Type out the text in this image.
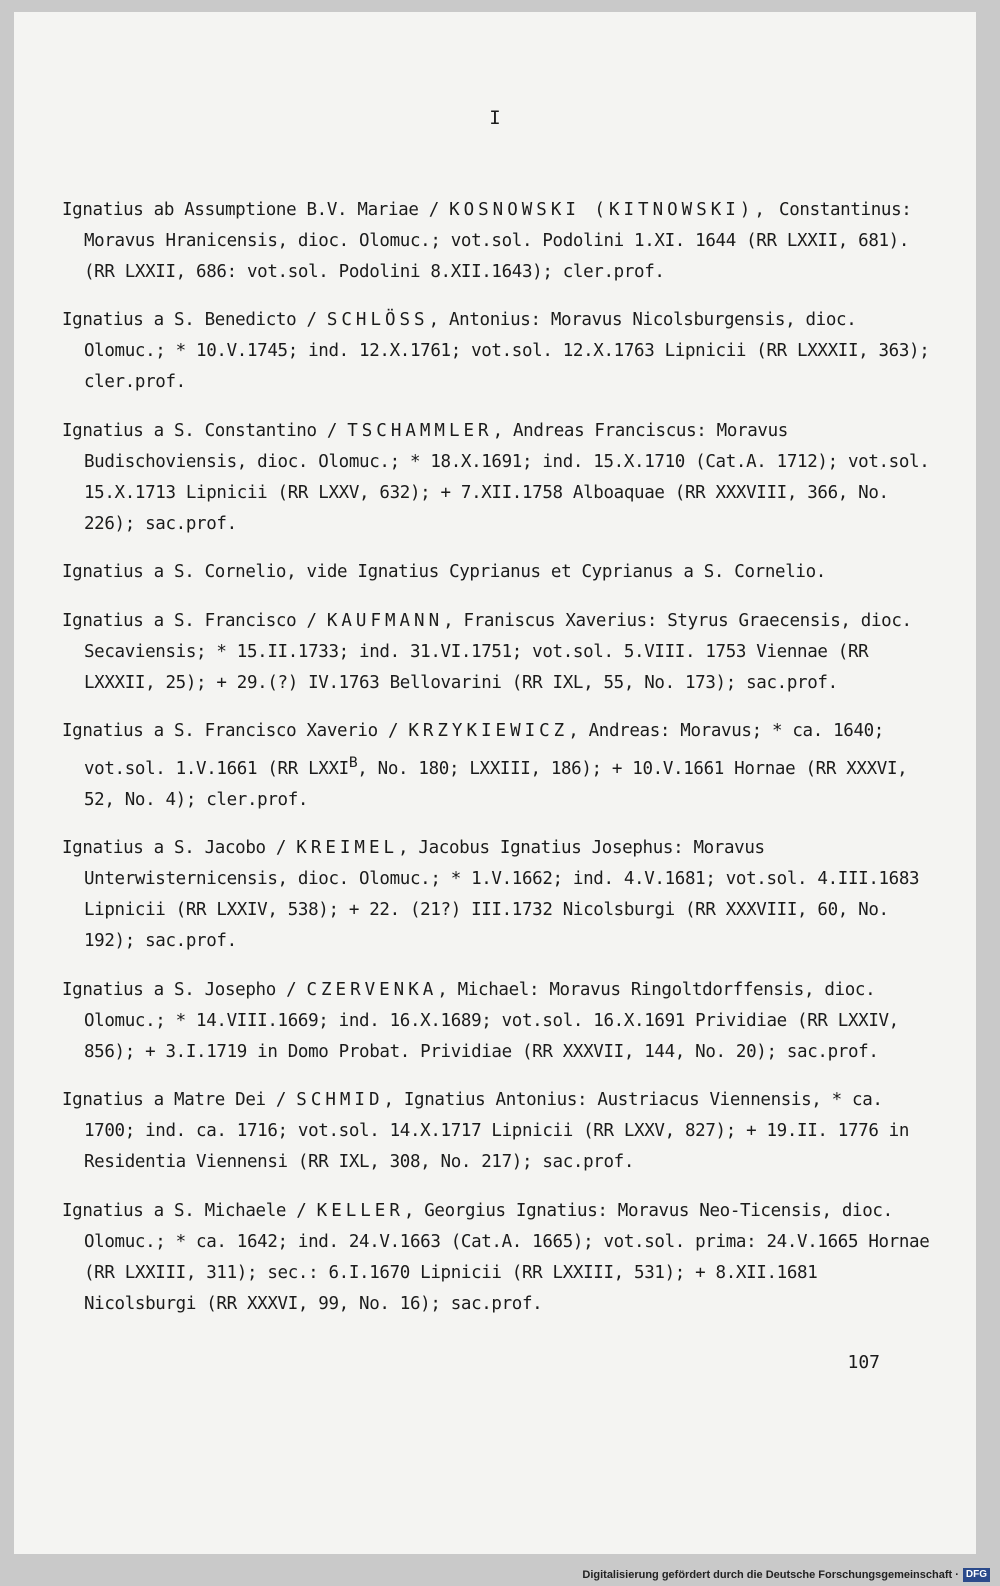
I

Ignatius ab Assumptione B.V. Mariae / KOSNOWSKI (KITNOWSKI), Constantinus: Moravus Hranicensis, dioc. Olomuc.; vot.sol. Podolini 1.XI. 1644 (RR LXXII, 681). (RR LXXII, 686: vot.sol. Podolini 8.XII.1643); cler.prof.

Ignatius a S. Benedicto / SCHLÖSS, Antonius: Moravus Nicolsburgensis, dioc. Olomuc.; * 10.V.1745; ind. 12.X.1761; vot.sol. 12.X.1763 Lipnicii (RR LXXXII, 363); cler.prof.

Ignatius a S. Constantino / TSCHAMMLER, Andreas Franciscus: Moravus Budischoviensis, dioc. Olomuc.; * 18.X.1691; ind. 15.X.1710 (Cat.A. 1712); vot.sol. 15.X.1713 Lipnicii (RR LXXV, 632); + 7.XII.1758 Alboaquae (RR XXXVIII, 366, No. 226); sac.prof.

Ignatius a S. Cornelio, vide Ignatius Cyprianus et Cyprianus a S. Cornelio.

Ignatius a S. Francisco / KAUFMANN, Franiscus Xaverius: Styrus Graecensis, dioc. Secaviensis; * 15.II.1733; ind. 31.VI.1751; vot.sol. 5.VIII. 1753 Viennae (RR LXXXII, 25); + 29.(?) IV.1763 Bellovarini (RR IXL, 55, No. 173); sac.prof.

Ignatius a S. Francisco Xaverio / KRZYKIEWICZ, Andreas: Moravus; * ca. 1640; vot.sol. 1.V.1661 (RR $LXXI^B$, No. 180; LXXIII, 186); + 10.V.1661 Hornae (RR XXXVI, 52, No. 4); cler.prof.

Ignatius a S. Jacobo / KREIMEL, Jacobus Ignatius Josephus: Moravus Unterwisternicensis, dioc. Olomuc.; * 1.V.1662; ind. 4.V.1681; vot.sol. 4.III.1683 Lipnicii (RR LXXIV, 538); + 22. (21?) III.1732 Nicolsburgi (RR XXXVIII, 60, No. 192); sac.prof.

Ignatius a S. Josepho / CZERVENKA, Michael: Moravus Ringoltdorffensis, dioc. Olomuc.; * 14.VIII.1669; ind. 16.X.1689; vot.sol. 16.X.1691 Prividiae (RR LXXIV, 856); + 3.I.1719 in Domo Probat. Prividiae (RR XXXVII, 144, No. 20); sac.prof.

Ignatius a Matre Dei / SCHMID, Ignatius Antonius: Austriacus Viennensis, * ca. 1700; ind. ca. 1716; vot.sol. 14.X.1717 Lipnicii (RR LXXV, 827); + 19.II. 1776 in Residentia Viennensi (RR IXL, 308, No. 217); sac.prof.

Ignatius a S. Michaele / KELLER, Georgius Ignatius: Moravus Neo-Ticensis, dioc. Olomuc.; * ca. 1642; ind. 24.V.1663 (Cat.A. 1665); vot.sol. prima: 24.V.1665 Hornae (RR LXXIII, 311); sec.: 6.I.1670 Lipnicii (RR LXXIII, 531); + 8.XII.1681 Nicolsburgi (RR XXXVI, 99, No. 16); sac.prof.

107
Digitalisierung gefördert durch die Deutsche Forschungsgemeinschaft · DFG
